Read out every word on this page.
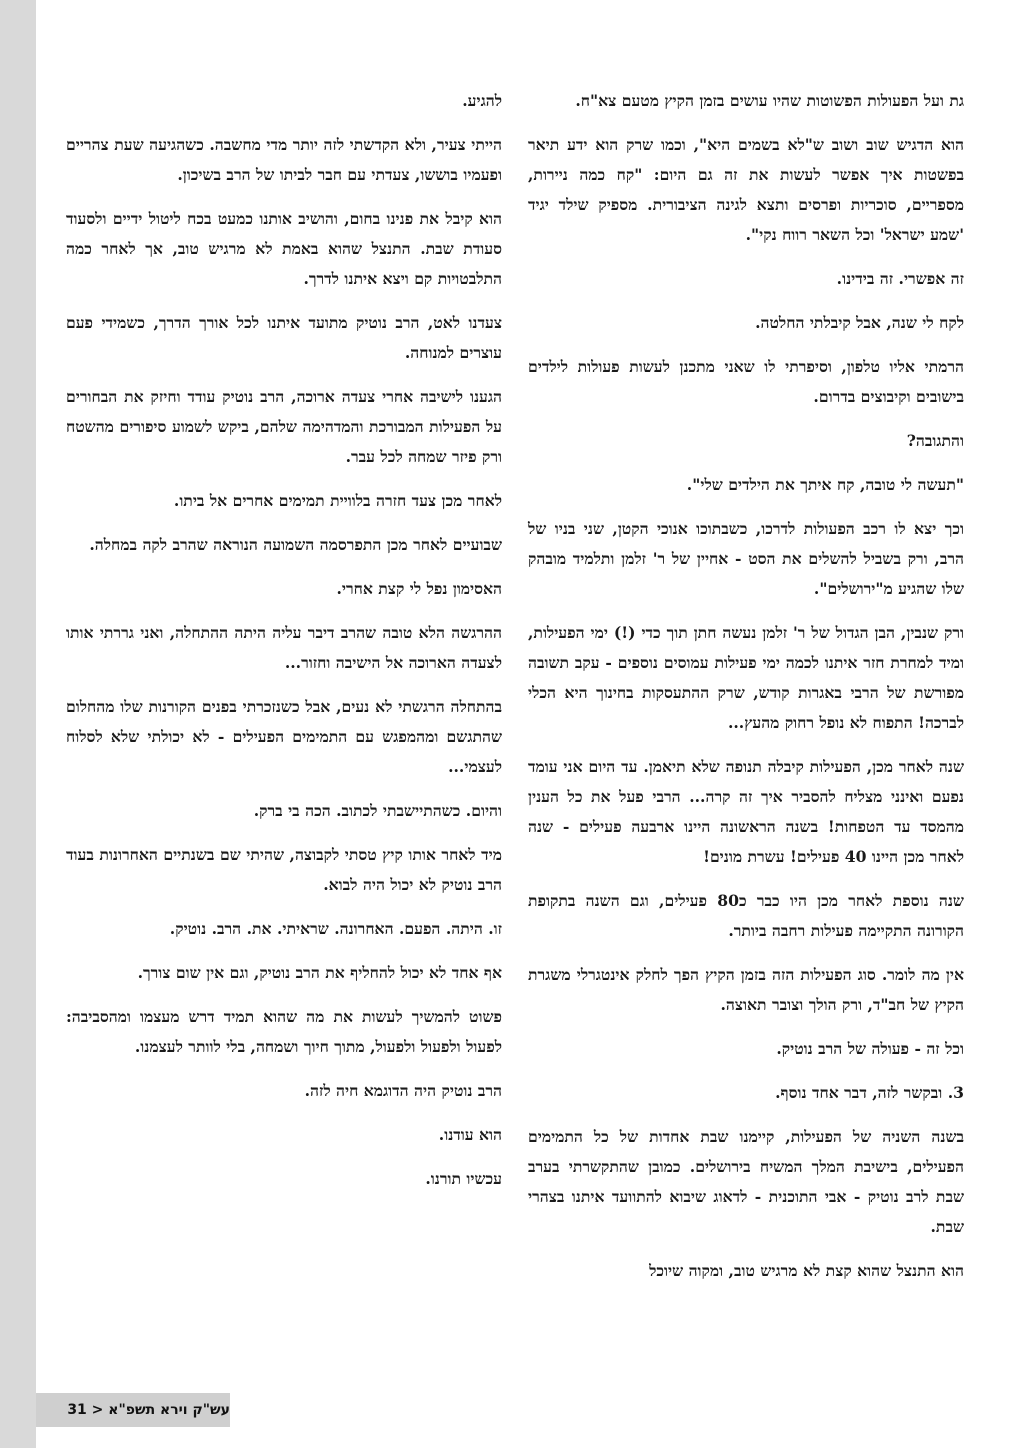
גת ועל הפעולות הפשוטות שהיו עושים בזמן הקיץ מטעם צא"ח.

הוא הדגיש שוב ושוב ש"לא בשמים היא", וכמו שרק הוא ידע תיאר בפשטות איך אפשר לעשות את זה גם היום: "קח כמה ניירות, מספריים, סוכריות ופרסים ותצא לגינה הציבורית. מספיק שילד יגיד 'שמע ישראל' וכל השאר רווח נקי".

זה אפשרי. זה בידינו.

לקח לי שנה, אבל קיבלתי החלטה.

הרמתי אליו טלפון, וסיפרתי לו שאני מתכנן לעשות פעולות לילדים בישובים וקיבוצים בדרום.

והתגובה?

"תעשה לי טובה, קח איתך את הילדים שלי".

וכך יצא לו רכב הפעולות לדרכו, כשבתוכו אנוכי הקטן, שני בניו של הרב, ורק בשביל להשלים את הסט - אחיין של ר' זלמן ותלמיד מובהק שלו שהגיע מ"ירושלים".

ורק שנבין, הבן הגדול של ר' זלמן נעשה חתן תוך כדי (!) ימי הפעילות, ומיד למחרת חזר איתנו לכמה ימי פעילות עמוסים נוספים - עקב תשובה מפורשת של הרבי באגרות קודש, שרק ההתעסקות בחינוך היא הכלי לברכה! התפוח לא נופל רחוק מהעץ...

שנה לאחר מכן, הפעילות קיבלה תנופה שלא תיאמן. עד היום אני עומד נפעם ואינני מצליח להסביר איך זה קרה... הרבי פעל את כל הענין מהמסד עד הטפחות! בשנה הראשונה היינו ארבעה פעילים - שנה לאחר מכן היינו 40 פעילים! עשרת מונים!

שנה נוספת לאחר מכן היו כבר כ80 פעילים, וגם השנה בתקופת הקורונה התקיימה פעילות רחבה ביותר.

אין מה לומר. סוג הפעילות הזה בזמן הקיץ הפך לחלק אינטגרלי משגרת הקיץ של חב"ד, ורק הולך וצובר תאוצה.

וכל זה - פעולה של הרב נוטיק.

3. ובקשר לזה, דבר אחד נוסף.

בשנה השניה של הפעילות, קיימנו שבת אחדות של כל התמימים הפעילים, בישיבת המלך המשיח בירושלים. כמובן שהתקשרתי בערב שבת לרב נוטיק - אבי התוכנית - לדאוג שיבוא להתוועד איתנו בצהרי שבת.

הוא התנצל שהוא קצת לא מרגיש טוב, ומקוה שיוכל

להגיע.

הייתי צעיר, ולא הקדשתי לזה יותר מדי מחשבה. כשהגיעה שעת צהריים ופעמיו בוששו, צעדתי עם חבר לביתו של הרב בשיכון.

הוא קיבל את פנינו בחום, והושיב אותנו כמעט בכח ליטול ידיים ולסעוד סעודת שבת. התנצל שהוא באמת לא מרגיש טוב, אך לאחר כמה התלבטויות קם ויצא איתנו לדרך.

צעדנו לאט, הרב נוטיק מתועד איתנו לכל אורך הדרך, כשמידי פעם עוצרים למנוחה.

הגענו לישיבה אחרי צעדה ארוכה, הרב נוטיק עודד וחיזק את הבחורים על הפעילות המבורכת והמדהימה שלהם, ביקש לשמוע סיפורים מהשטח ורק פיזר שמחה לכל עבר.

לאחר מכן צעד חזרה בלוויית תמימים אחרים אל ביתו.

שבועיים לאחר מכן התפרסמה השמועה הנוראה שהרב לקה במחלה.

האסימון נפל לי קצת אחרי.

ההרגשה הלא טובה שהרב דיבר עליה היתה ההתחלה, ואני גררתי אותו לצעדה הארוכה אל הישיבה וחזור...

בהתחלה הרגשתי לא נעים, אבל כשנזכרתי בפנים הקורנות שלו מהחלום שהתגשם ומהמפגש עם התמימים הפעילים - לא יכולתי שלא לסלוח לעצמי...

והיום. כשהתיישבתי לכתוב. הכה בי ברק.

מיד לאחר אותו קיץ טסתי לקבוצה, שהיתי שם בשנתיים האחרונות בעוד הרב נוטיק לא יכול היה לבוא.

זו. היתה. הפעם. האחרונה. שראיתי. את. הרב. נוטיק.

אף אחד לא יכול להחליף את הרב נוטיק, וגם אין שום צורך.

פשוט להמשיך לעשות את מה שהוא תמיד דרש מעצמו ומהסביבה: לפעול ולפעול ולפעול, מתוך חיוך ושמחה, בלי לוותר לעצמנו.

הרב נוטיק היה הדוגמא חיה לזה.

הוא עודנו.

עכשיו תורנו.

עש"ק וירא תשפ"א < 31
